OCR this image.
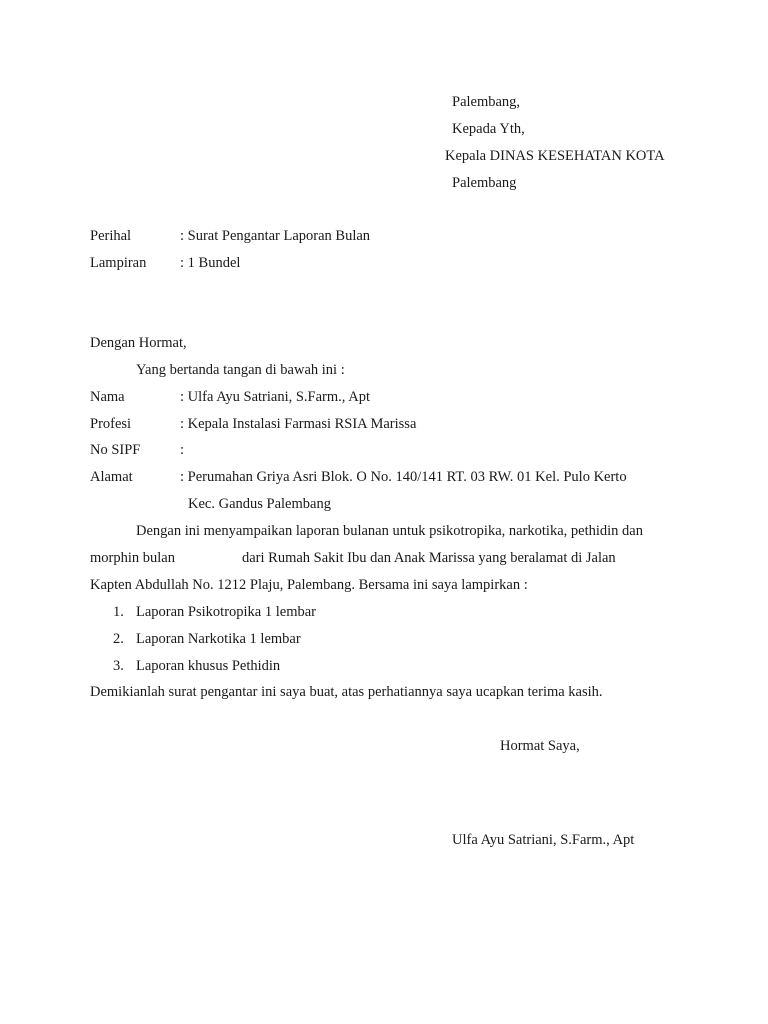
Palembang,
Kepada Yth,
Kepala DINAS KESEHATAN KOTA
Palembang
Perihal	: Surat Pengantar Laporan Bulan
Lampiran : 1 Bundel
Dengan Hormat,
Yang bertanda tangan di bawah ini :
Nama	: Ulfa Ayu Satriani, S.Farm., Apt
Profesi	: Kepala Instalasi Farmasi RSIA Marissa
No SIPF	:
Alamat	: Perumahan Griya Asri Blok. O No. 140/141 RT. 03 RW. 01 Kel. Pulo Kerto
Kec. Gandus Palembang
Dengan ini menyampaikan laporan bulanan untuk psikotropika, narkotika, pethidin dan
morphin bulan	dari Rumah Sakit Ibu dan Anak Marissa yang beralamat di Jalan
Kapten Abdullah No. 1212 Plaju, Palembang. Bersama ini saya lampirkan :
1. Laporan Psikotropika 1 lembar
2. Laporan Narkotika 1 lembar
3. Laporan khusus Pethidin
Demikianlah surat pengantar ini saya buat, atas perhatiannya saya ucapkan terima kasih.
Hormat Saya,
Ulfa Ayu Satriani, S.Farm., Apt
